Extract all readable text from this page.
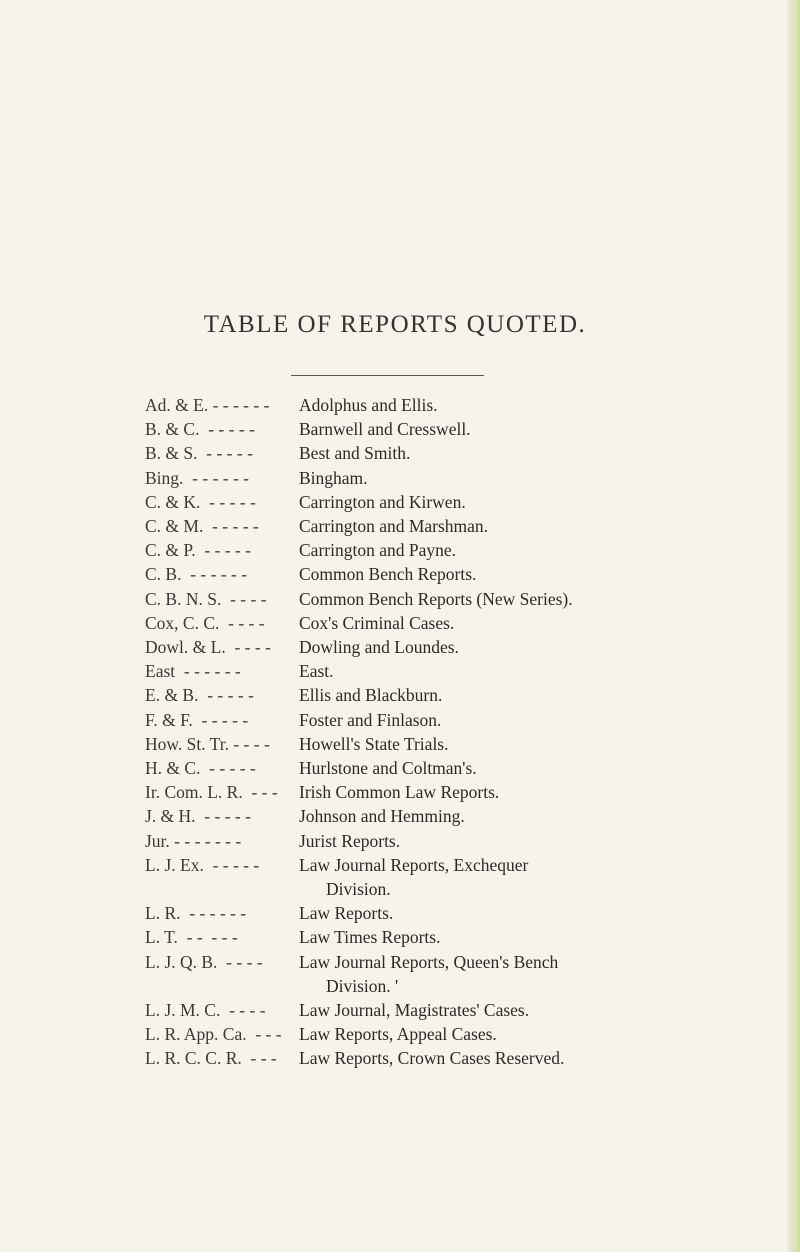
TABLE OF REPORTS QUOTED.
Ad. & E. - - - - - - Adolphus and Ellis.
B. & C.  - - - - -	Barnwell and Cresswell.
B. & S.  - - - - -	Best and Smith.
Bing.  - - - - - -	Bingham.
C. & K.  - - - - - Carrington and Kirwen.
C. & M.  - - - - - Carrington and Marshman.
C. & P.  - - - - -	Carrington and Payne.
C. B.  - - - - - -	Common Bench Reports.
C. B. N. S.  - - - - Common Bench Reports (New Series).
Cox, C. C.  - - - - Cox's Criminal Cases.
Dowl. & L.  - - - - Dowling and Loundes.
East  - - - - - -	East.
E. & B.  - - - - -	Ellis and Blackburn.
F. & F.  - - - - -	Foster and Finlason.
How. St. Tr. - - - - Howell's State Trials.
H. & C.  - - - - - Hurlstone and Coltman's.
Ir. Com. L. R.  - - - Irish Common Law Reports.
J. & H.  - - - - -	Johnson and Hemming.
Jur. - - - - - - -	Jurist Reports.
L. J. Ex.  - - - - - Law Journal Reports, Exchequer
Division.
L. R.  - - - - - -	Law Reports.
L. T.  - -  - - -	Law Times Reports.
L. J. Q. B.  - - - - Law Journal Reports, Queen's Bench
Division. '
L. J. M. C.  - - - - Law Journal, Magistrates' Cases.
L. R. App. Ca.  - - - Law Reports, Appeal Cases.
L. R. C. C. R.  - - - Law Reports, Crown Cases Reserved.
